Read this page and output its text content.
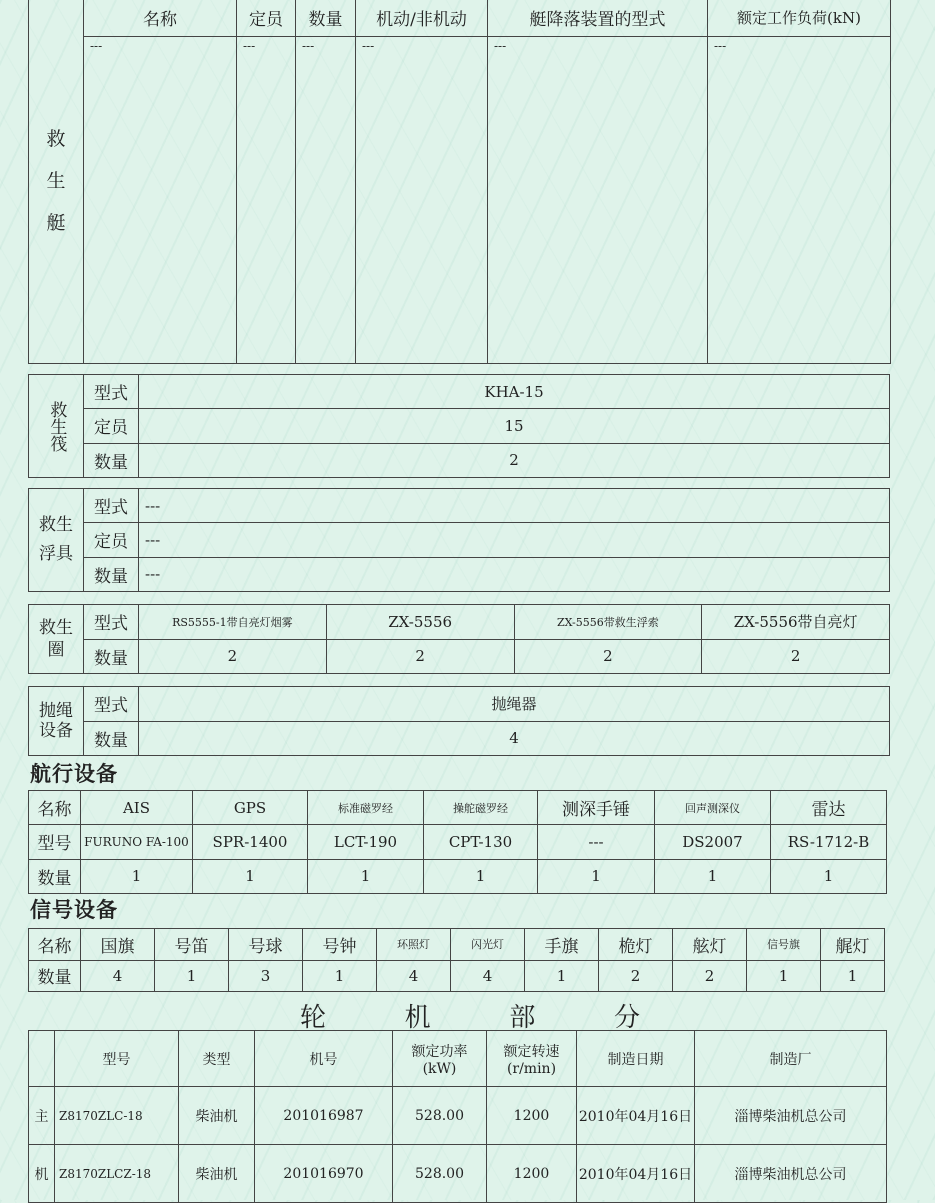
救
生
艇	名称	定员	数量	机动/非机动	艇降落装置的型式	额定工作负荷(kN)
	---	---	---	---	---	---
救生筏	型式	KHA-15
	定员	15
	数量	2
救生
浮具	型式	---
	定员	---
	数量	---
救生
圈	型式	RS5555-1带自亮灯烟雾	ZX-5556	ZX-5556带救生浮索	ZX-5556带自亮灯
	数量	2	2	2	2
抛绳
设备	型式	抛绳器
	数量	4
航行设备
名称	AIS	GPS	标准磁罗经	操舵磁罗经	测深手锤	回声测深仪	雷达
型号	FURUNO FA-100	SPR-1400	LCT-190	CPT-130	---	DS2007	RS-1712-B
数量	1	1	1	1	1	1	1
信号设备
名称	国旗	号笛	号球	号钟	环照灯	闪光灯	手旗	桅灯	舷灯	信号旗	艉灯
数量	4	1	3	1	4	4	1	2	2	1	1
轮	机	部	分
	型号	类型	机号	额定功率(kW)	额定转速(r/min)	制造日期	制造厂
主	Z8170ZLC-18	柴油机	201016987	528.00	1200	2010年04月16日	淄博柴油机总公司
机	Z8170ZLCZ-18	柴油机	201016970	528.00	1200	2010年04月16日	淄博柴油机总公司
